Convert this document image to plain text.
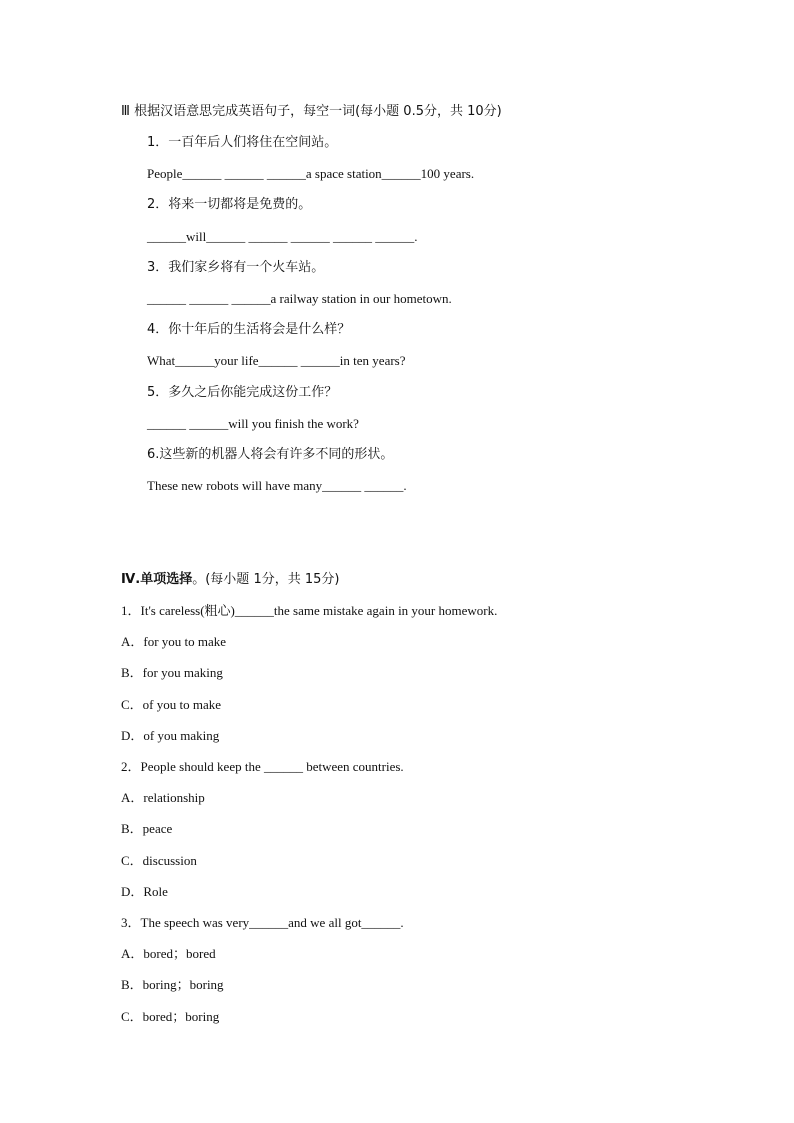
Ⅲ 根据汉语意思完成英语句子，每空一词(每小题 0.5分，共 10分)
1．一百年后人们将住在空间站。
People______ ______ ______a space station______100 years.
2．将来一切都将是免费的。
______will______ ______ ______ ______ ______.
3．我们家乡将有一个火车站。
______ ______ ______a railway station in our hometown.
4．你十年后的生活将会是什么样？
What______your life______ ______in ten years?
5．多久之后你能完成这份工作？
______ ______will you finish the work?
6.这些新的机器人将会有许多不同的形状。
These new robots will have many______ ______.
Ⅳ.单项选择。(每小题 1分，共 15分)
1．It's careless(粗心)______the same mistake again in your homework.
A．for you to make
B．for you making
C．of you to make
D．of you making
2．People should keep the ______ between countries.
A．relationship
B．peace
C．discussion
D．Role
3．The speech was very______and we all got______.
A．bored；bored
B．boring；boring
C．bored；boring
